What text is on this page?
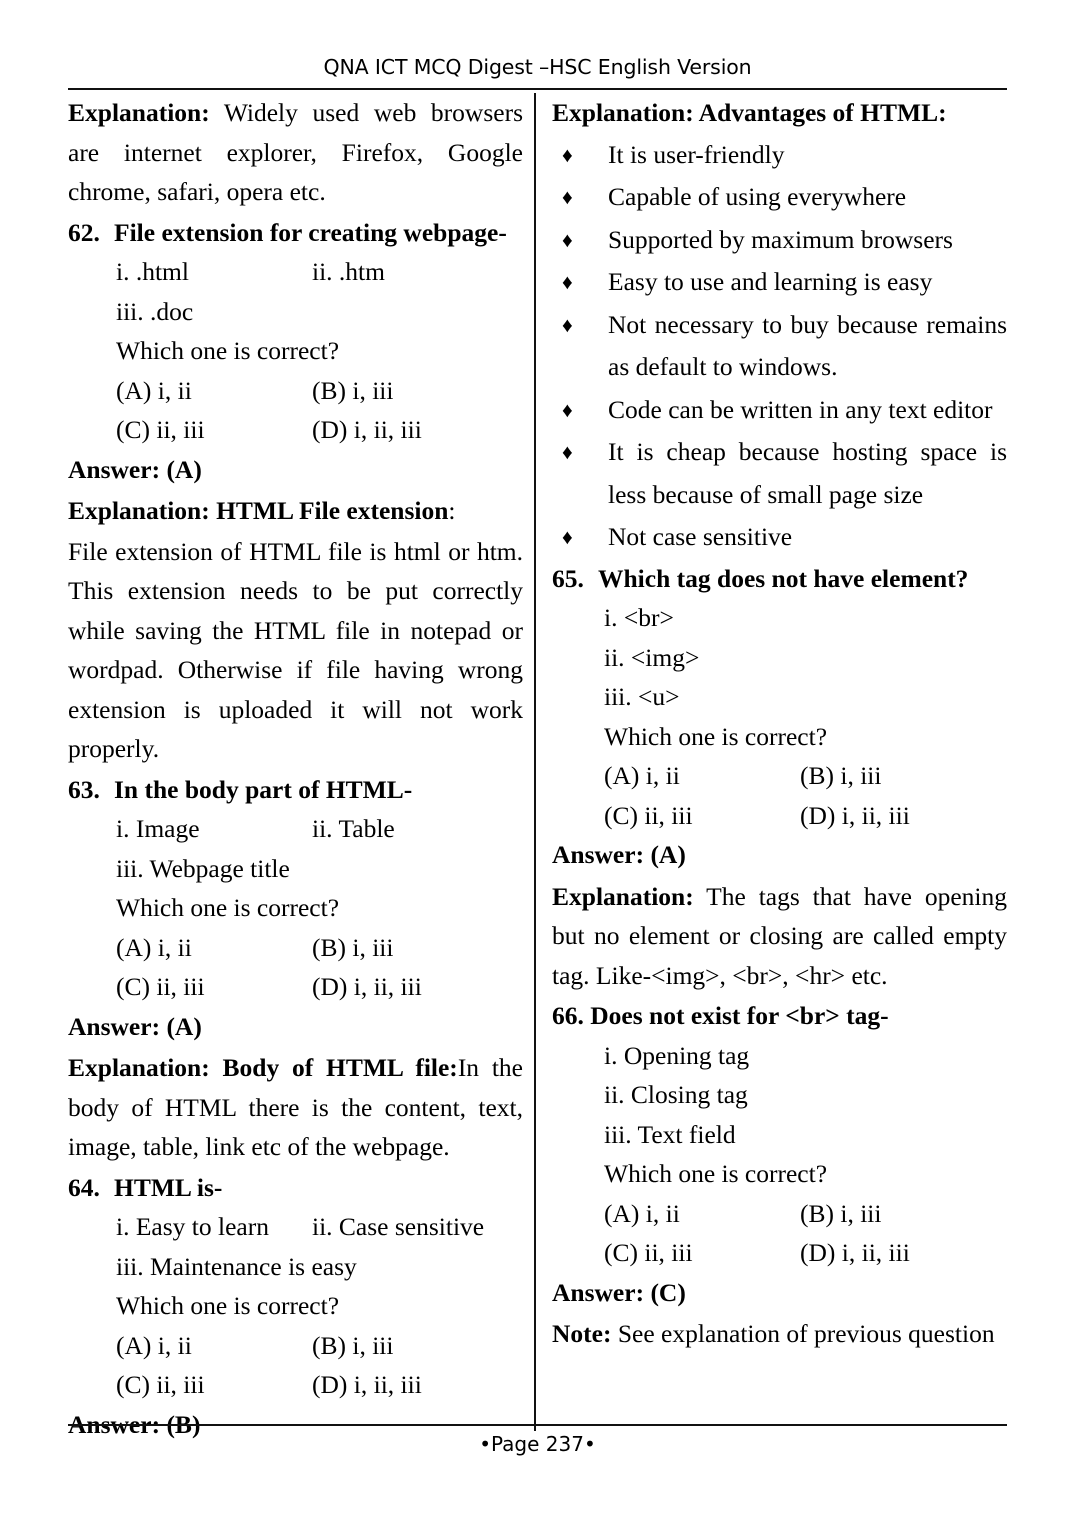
QNA ICT MCQ Digest –HSC English Version

Explanation: Widely used web browsers are internet explorer, Firefox, Google chrome, safari, opera etc.

62. File extension for creating webpage-

i. .html	ii. .htm

iii. .doc

Which one is correct?

(A) i, ii	(B) i, iii
(C) ii, iii	(D) i, ii, iii

Answer: (A)

Explanation: HTML File extension:

File extension of HTML file is html or htm. This extension needs to be put correctly while saving the HTML file in notepad or wordpad. Otherwise if file having wrong extension is uploaded it will not work properly.

63. In the body part of HTML-

i. Image	ii. Table

iii. Webpage title

Which one is correct?

(A) i, ii	(B) i, iii
(C) ii, iii	(D) i, ii, iii

Answer: (A)

Explanation: Body of HTML file:In the body of HTML there is the content, text, image, table, link etc of the webpage.

64. HTML is-

i. Easy to learn	ii. Case sensitive

iii. Maintenance is easy

Which one is correct?

(A) i, ii	(B) i, iii
(C) ii, iii	(D) i, ii, iii

Answer: (B)

Explanation: Advantages of HTML:

♦ It is user-friendly
♦ Capable of using everywhere
♦ Supported by maximum browsers
♦ Easy to use and learning is easy
♦ Not necessary to buy because remains as default to windows.
♦ Code can be written in any text editor
♦ It is cheap because hosting space is less because of small page size
♦ Not case sensitive

65. Which tag does not have element?

i. <br>

ii. <img>

iii. <u>

Which one is correct?

(A) i, ii	(B) i, iii
(C) ii, iii	(D) i, ii, iii

Answer: (A)

Explanation: The tags that have opening but no element or closing are called empty tag. Like-<img>, <br>, <hr> etc.

66. Does not exist for <br> tag-

i. Opening tag

ii. Closing tag

iii. Text field

Which one is correct?

(A) i, ii	(B) i, iii
(C) ii, iii	(D) i, ii, iii

Answer: (C)

Note: See explanation of previous question

•Page 237•
